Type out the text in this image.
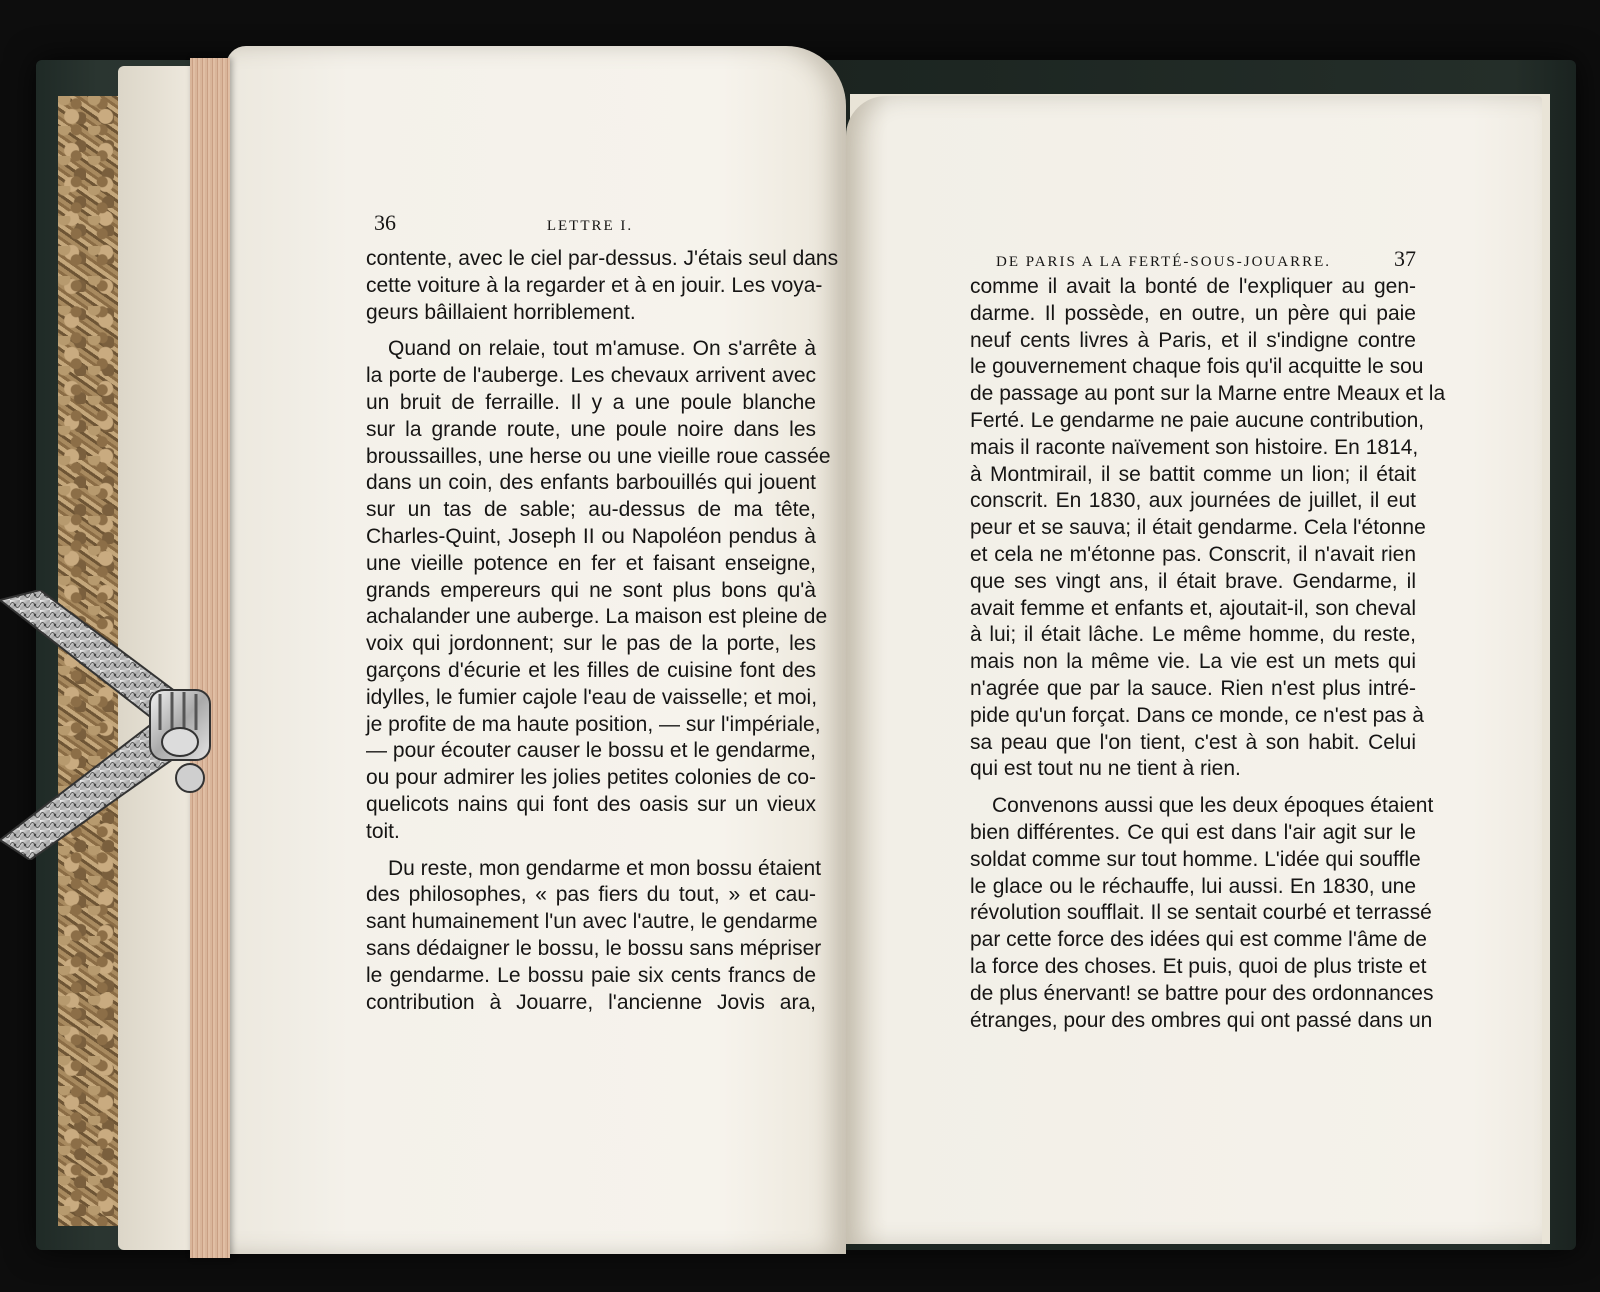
36	LETTRE I.
contente, avec le ciel par-dessus. J'étais seul dans
cette voiture à la regarder et à en jouir. Les voya-
geurs bâillaient horriblement.
Quand on relaie, tout m'amuse. On s'arrête à
la porte de l'auberge. Les chevaux arrivent avec
un bruit de ferraille. Il y a une poule blanche
sur la grande route, une poule noire dans les
broussailles, une herse ou une vieille roue cassée
dans un coin, des enfants barbouillés qui jouent
sur un tas de sable; au-dessus de ma tête,
Charles-Quint, Joseph II ou Napoléon pendus à
une vieille potence en fer et faisant enseigne,
grands empereurs qui ne sont plus bons qu'à
achalander une auberge. La maison est pleine de
voix qui jordonnent; sur le pas de la porte, les
garçons d'écurie et les filles de cuisine font des
idylles, le fumier cajole l'eau de vaisselle; et moi,
je profite de ma haute position, — sur l'impériale,
— pour écouter causer le bossu et le gendarme,
ou pour admirer les jolies petites colonies de co-
quelicots nains qui font des oasis sur un vieux
toit.
Du reste, mon gendarme et mon bossu étaient
des philosophes, « pas fiers du tout, » et cau-
sant humainement l'un avec l'autre, le gendarme
sans dédaigner le bossu, le bossu sans mépriser
le gendarme. Le bossu paie six cents francs de
contribution à Jouarre, l'ancienne Jovis ara,
DE PARIS A LA FERTÉ-SOUS-JOUARRE.	37
comme il avait la bonté de l'expliquer au gen-
darme. Il possède, en outre, un père qui paie
neuf cents livres à Paris, et il s'indigne contre
le gouvernement chaque fois qu'il acquitte le sou
de passage au pont sur la Marne entre Meaux et la
Ferté. Le gendarme ne paie aucune contribution,
mais il raconte naïvement son histoire. En 1814,
à Montmirail, il se battit comme un lion; il était
conscrit. En 1830, aux journées de juillet, il eut
peur et se sauva; il était gendarme. Cela l'étonne
et cela ne m'étonne pas. Conscrit, il n'avait rien
que ses vingt ans, il était brave. Gendarme, il
avait femme et enfants et, ajoutait-il, son cheval
à lui; il était lâche. Le même homme, du reste,
mais non la même vie. La vie est un mets qui
n'agrée que par la sauce. Rien n'est plus intré-
pide qu'un forçat. Dans ce monde, ce n'est pas à
sa peau que l'on tient, c'est à son habit. Celui
qui est tout nu ne tient à rien.
Convenons aussi que les deux époques étaient
bien différentes. Ce qui est dans l'air agit sur le
soldat comme sur tout homme. L'idée qui souffle
le glace ou le réchauffe, lui aussi. En 1830, une
révolution soufflait. Il se sentait courbé et terrassé
par cette force des idées qui est comme l'âme de
la force des choses. Et puis, quoi de plus triste et
de plus énervant! se battre pour des ordonnances
étranges, pour des ombres qui ont passé dans un
